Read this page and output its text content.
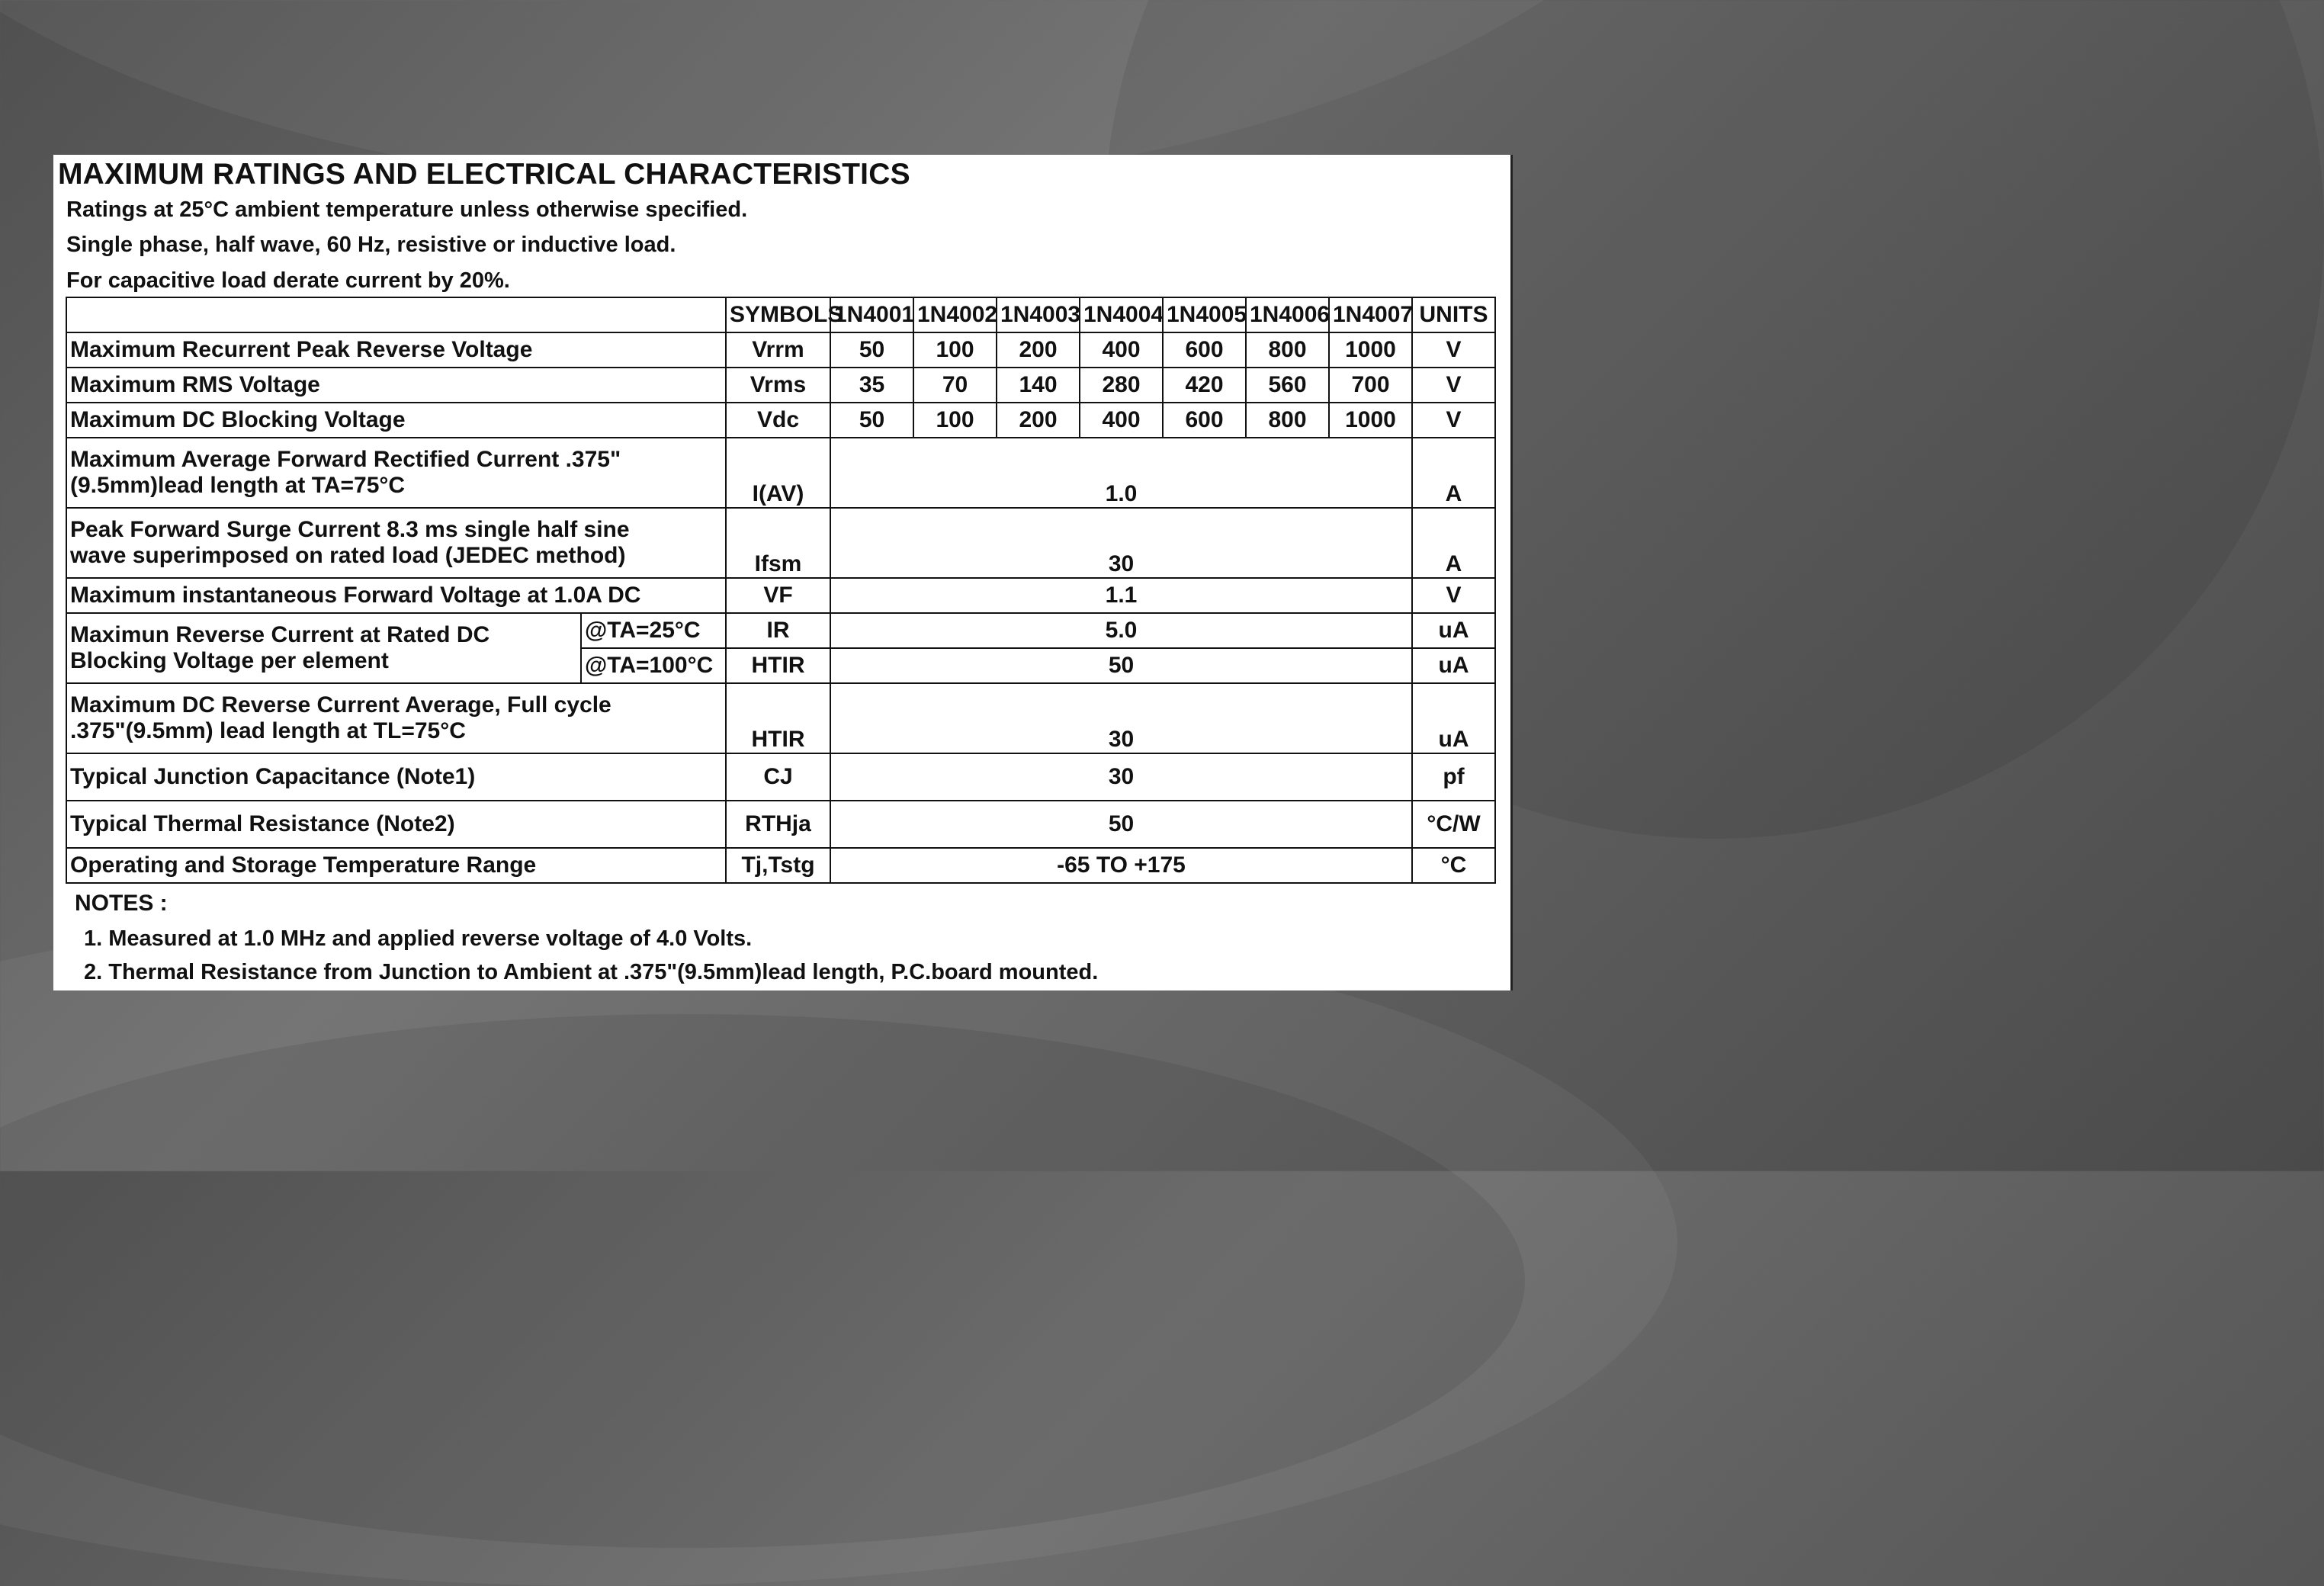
MAXIMUM RATINGS AND ELECTRICAL CHARACTERISTICS
Ratings at 25°C ambient temperature unless otherwise specified.
Single phase, half wave, 60 Hz, resistive or inductive load.
For capacitive load derate current by 20%.
		SYMBOLS	1N4001	1N4002	1N4003	1N4004	1N4005	1N4006	1N4007	UNITS
Maximum Recurrent Peak Reverse Voltage		Vrrm	50	100	200	400	600	800	1000	V
Maximum RMS Voltage		Vrms	35	70	140	280	420	560	700	V
Maximum DC Blocking Voltage		Vdc	50	100	200	400	600	800	1000	V

Maximum Average Forward Rectified Current .375"
(9.5mm)lead length at TA=75°C		I(AV)	1.0							A

Peak Forward Surge Current 8.3 ms single half sine
wave superimposed on rated load (JEDEC method)		Ifsm	30							A
Maximum instantaneous Forward Voltage at 1.0A DC		VF	1.1							V

Maximun Reverse Current at Rated DC
Blocking Voltage per element	@TA=25°C	IR	5.0							uA
	@TA=100°C	HTIR	50							uA

Maximum DC Reverse Current Average, Full cycle
.375"(9.5mm) lead length at TL=75°C		HTIR	30							uA
Typical Junction Capacitance (Note1)		CJ	30							pf
Typical Thermal Resistance (Note2)		RTHja	50							°C/W
Operating and Storage Temperature Range		Tj,Tstg	-65 TO +175							°C
NOTES :
1. Measured at 1.0 MHz and applied reverse voltage of 4.0 Volts.
2. Thermal Resistance from Junction to Ambient at .375"(9.5mm)lead length, P.C.board mounted.
